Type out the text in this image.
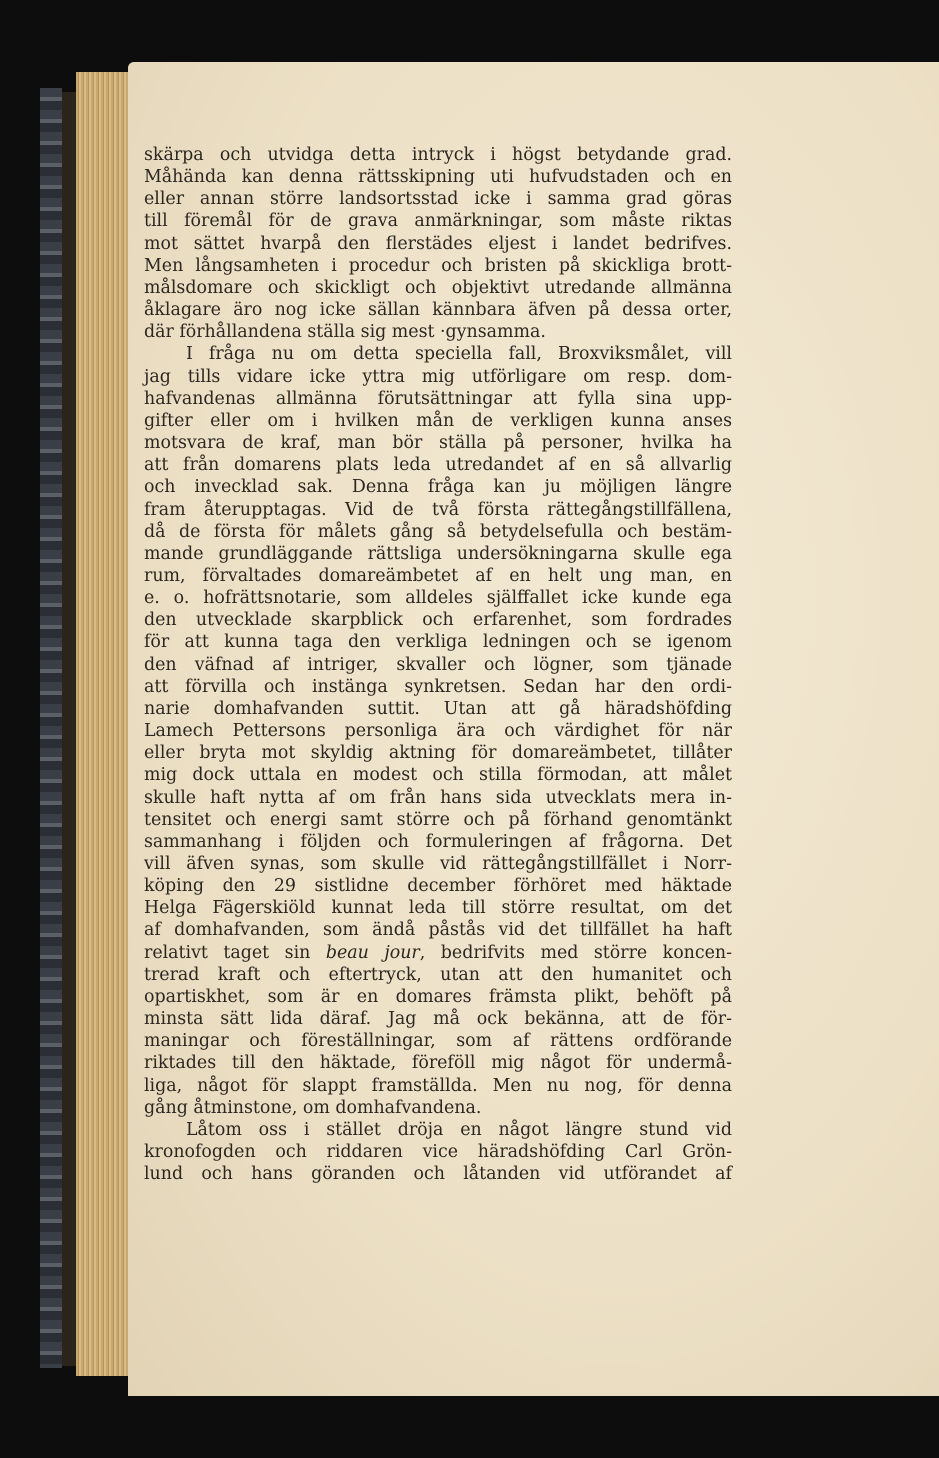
skärpa och utvidga detta intryck i högst betydande grad.
Måhända kan denna rättsskipning uti hufvudstaden och en
eller annan större landsortsstad icke i samma grad göras
till föremål för de grava anmärkningar, som måste riktas
mot sättet hvarpå den flerstädes eljest i landet bedrifves.
Men långsamheten i procedur och bristen på skickliga brott-
målsdomare och skickligt och objektivt utredande allmänna
åklagare äro nog icke sällan kännbara äfven på dessa orter,
där förhållandena ställa sig mest ·gynsamma.
I fråga nu om detta speciella fall, Broxviksmålet, vill
jag tills vidare icke yttra mig utförligare om resp. dom-
hafvandenas allmänna förutsättningar att fylla sina upp-
gifter eller om i hvilken mån de verkligen kunna anses
motsvara de kraf, man bör ställa på personer, hvilka ha
att från domarens plats leda utredandet af en så allvarlig
och invecklad sak. Denna fråga kan ju möjligen längre
fram återupptagas. Vid de två första rättegångstillfällena,
då de första för målets gång så betydelsefulla och bestäm-
mande grundläggande rättsliga undersökningarna skulle ega
rum, förvaltades domareämbetet af en helt ung man, en
e. o. hofrättsnotarie, som alldeles själffallet icke kunde ega
den utvecklade skarpblick och erfarenhet, som fordrades
för att kunna taga den verkliga ledningen och se igenom
den väfnad af intriger, skvaller och lögner, som tjänade
att förvilla och instänga synkretsen. Sedan har den ordi-
narie domhafvanden suttit. Utan att gå häradshöfding
Lamech Pettersons personliga ära och värdighet för när
eller bryta mot skyldig aktning för domareämbetet, tillåter
mig dock uttala en modest och stilla förmodan, att målet
skulle haft nytta af om från hans sida utvecklats mera in-
tensitet och energi samt större och på förhand genomtänkt
sammanhang i följden och formuleringen af frågorna. Det
vill äfven synas, som skulle vid rättegångstillfället i Norr-
köping den 29 sistlidne december förhöret med häktade
Helga Fägerskiöld kunnat leda till större resultat, om det
af domhafvanden, som ändå påstås vid det tillfället ha haft
relativt taget sin beau jour, bedrifvits med större koncen-
trerad kraft och eftertryck, utan att den humanitet och
opartiskhet, som är en domares främsta plikt, behöft på
minsta sätt lida däraf. Jag må ock bekänna, att de för-
maningar och föreställningar, som af rättens ordförande
riktades till den häktade, föreföll mig något för undermå-
liga, något för slappt framställda. Men nu nog, för denna
gång åtminstone, om domhafvandena.
Låtom oss i stället dröja en något längre stund vid
kronofogden och riddaren vice häradshöfding Carl Grön-
lund och hans göranden och låtanden vid utförandet af
